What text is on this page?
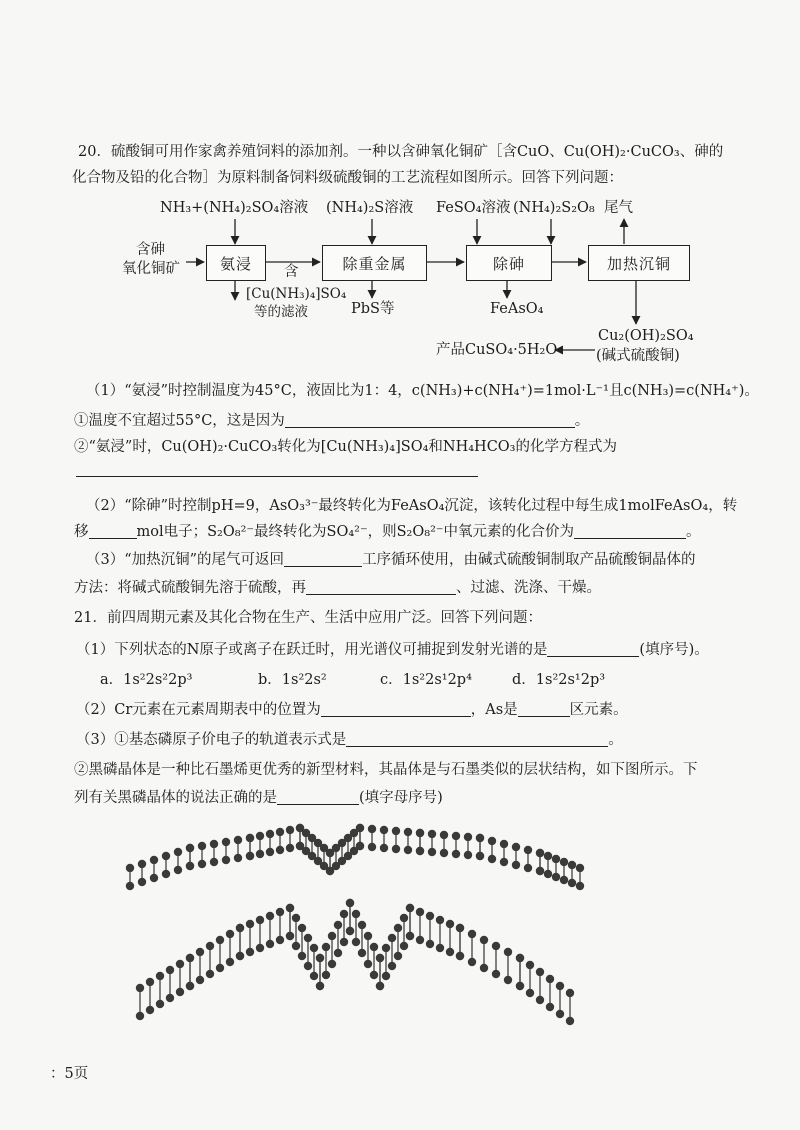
20．硫酸铜可用作家禽养殖饲料的添加剂。一种以含砷氧化铜矿［含CuO、Cu(OH)₂·CuCO₃、砷的
化合物及铅的化合物］为原料制备饲料级硫酸铜的工艺流程如图所示。回答下列问题：
NH₃+(NH₄)₂SO₄溶液 (NH₄)₂S溶液 FeSO₄溶液 (NH₄)₂S₂O₈ 尾气
含砷
氧化铜矿	氨浸	除重金属	除砷	加热沉铜
含
[Cu(NH₃)₄]SO₄
等的滤液	PbS等	FeAsO₄
Cu₂(OH)₂SO₄
(碱式硫酸铜)
产品CuSO₄·5H₂O
（1）“氨浸”时控制温度为45°C，液固比为1：4，c(NH₃)+c(NH₄⁺)=1mol·L⁻¹且c(NH₃)=c(NH₄⁺)。
①温度不宜超过55°C，这是因为	。
②“氨浸”时，Cu(OH)₂·CuCO₃转化为[Cu(NH₃)₄]SO₄和NH₄HCO₃的化学方程式为
（2）“除砷”时控制pH=9，AsO₃³⁻最终转化为FeAsO₄沉淀，该转化过程中每生成1molFeAsO₄，转
移	mol电子；S₂O₈²⁻最终转化为SO₄²⁻，则S₂O₈²⁻中氧元素的化合价为	。
（3）“加热沉铜”的尾气可返回	工序循环使用，由碱式硫酸铜制取产品硫酸铜晶体的
方法：将碱式硫酸铜先溶于硫酸，再	、过滤、洗涤、干燥。
21．前四周期元素及其化合物在生产、生活中应用广泛。回答下列问题：
（1）下列状态的N原子或离子在跃迁时，用光谱仪可捕捉到发射光谱的是	(填序号)。
a．1s²2s²2p³	b．1s²2s²	c．1s²2s¹2p⁴	d．1s²2s¹2p³
（2）Cr元素在元素周期表中的位置为	，As是	区元素。
（3）①基态磷原子价电子的轨道表示式是	。
②黑磷晶体是一种比石墨烯更优秀的新型材料，其晶体是与石墨类似的层状结构，如下图所示。下
列有关黑磷晶体的说法正确的是	(填字母序号)
：5页
